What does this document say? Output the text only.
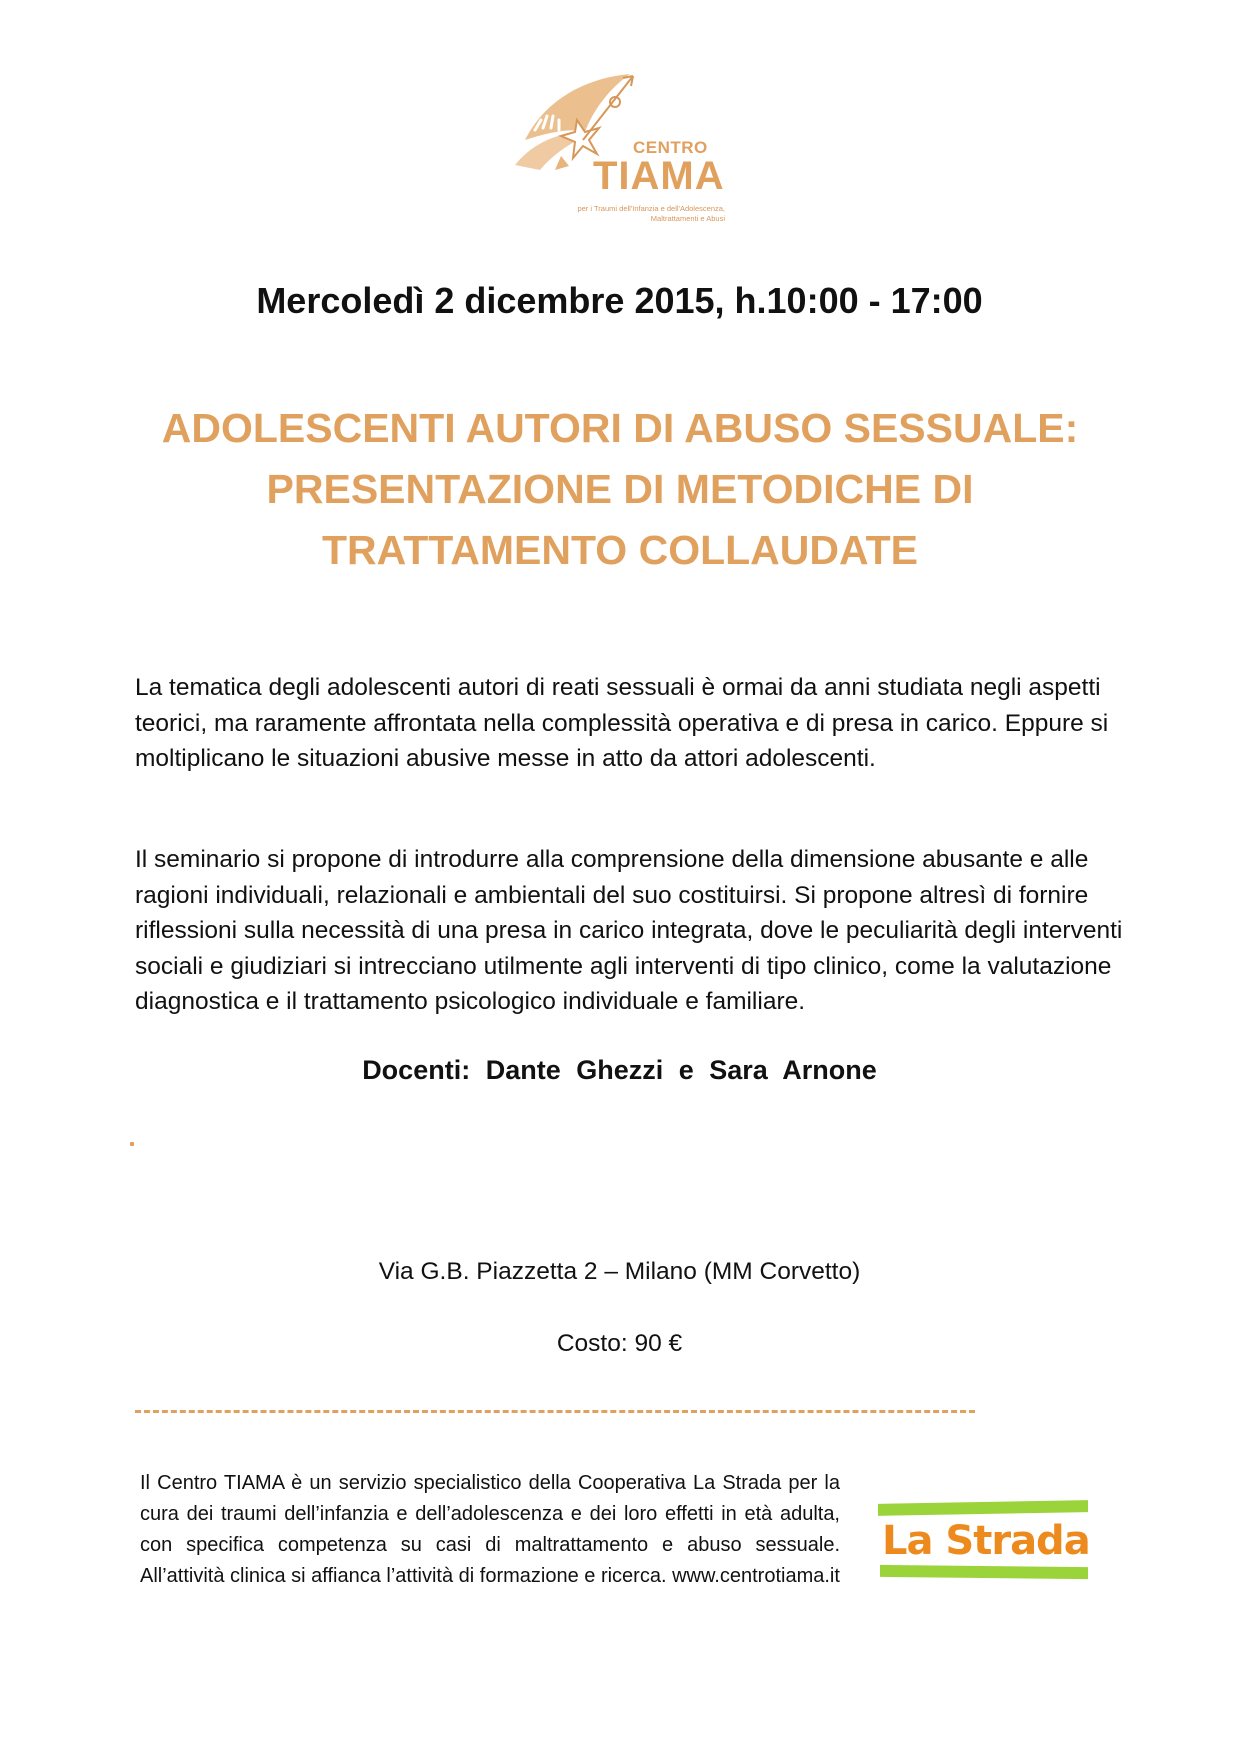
CENTRO
TIAMA
per i Traumi dell'Infanzia e dell'Adolescenza,
Maltrattamenti e Abusi
Mercoledì 2 dicembre 2015, h.10:00 - 17:00
ADOLESCENTI AUTORI DI ABUSO SESSUALE:
PRESENTAZIONE DI METODICHE DI
TRATTAMENTO COLLAUDATE
La tematica degli adolescenti autori di reati sessuali è ormai da anni studiata negli aspetti teorici, ma raramente affrontata nella complessità operativa e di presa in carico. Eppure si moltiplicano le situazioni abusive messe in atto da attori adolescenti.
Il seminario si propone di introdurre alla comprensione della dimensione abusante e alle ragioni individuali, relazionali e ambientali del suo costituirsi. Si propone altresì di fornire riflessioni sulla necessità di una presa in carico integrata, dove le peculiarità degli interventi sociali e giudiziari si intrecciano utilmente agli interventi di tipo clinico, come la valutazione diagnostica e il trattamento psicologico individuale e familiare.
Docenti: Dante Ghezzi e Sara Arnone
Via G.B. Piazzetta 2 – Milano (MM Corvetto)
Costo: 90 €
Il Centro TIAMA è un servizio specialistico della Cooperativa La Strada per la cura dei traumi dell’infanzia e dell’adolescenza e dei loro effetti in età adulta, con specifica competenza su casi di maltrattamento e abuso sessuale. All’attività clinica si affianca l’attività di formazione e ricerca. www.centrotiama.it
La Strada
